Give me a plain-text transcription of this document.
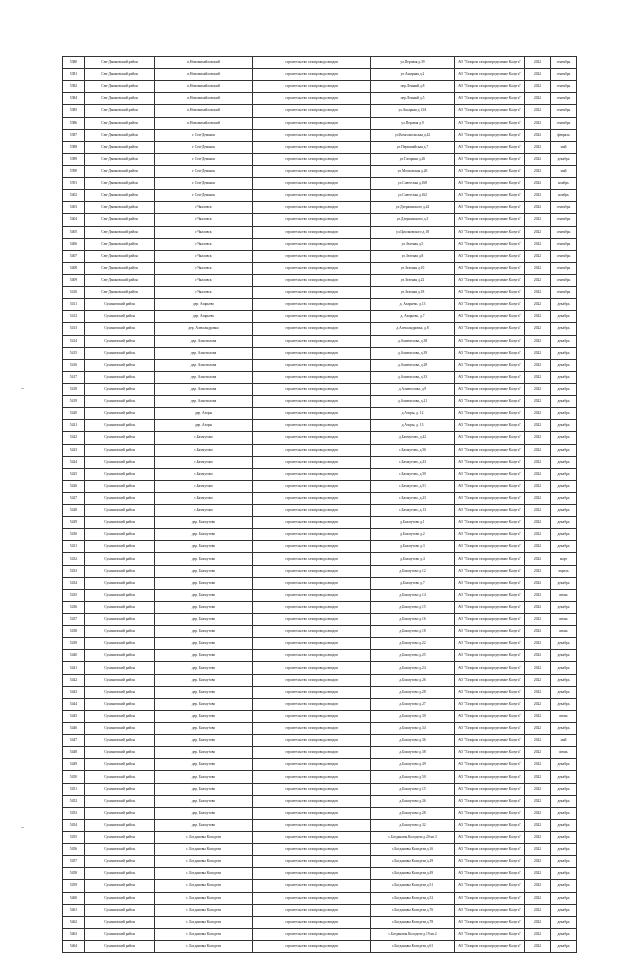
5380	Сеи-Дымковский район	п.Новомихайловский	строительство газопровода вводов	ул.Перовая д.39	АО "Газпром газораспределение Калуга"	2022	сентябрь
5381	Сеи-Дымковский район	п.Новомихайловский	строительство газопровода вводов	ул.Ашарная д.2	АО "Газпром газораспределение Калуга"	2022	сентябрь
5382	Сеи-Дымковский район	п.Новомихайловский	строительство газопровода вводов	пер.Ленный д.8	АО "Газпром газораспределение Калуга"	2022	сентябрь
5384	Сеи-Дымковский район	п.Новомихайловский	строительство газопровода вводов	пер.Ленный д.5	АО "Газпром газораспределение Калуга"	2022	сентябрь
5385	Сеи-Дымковский район	п.Новомихайловский	строительство газопровода вводов	ул.Ашарная д.13А	АО "Газпром газораспределение Калуга"	2022	сентябрь
5386	Сеи-Дымковский район	п.Новомихайловский	строительство газопровода вводов	ул.Перовая д.9	АО "Газпром газораспределение Калуга"	2022	сентябрь
5387	Сеи-Дымковский район	г. Сеи-Демянск	строительство газопровода вводов	ул.Комсомольская д.42	АО "Газпром газораспределение Калуга"	2022	февраль
5388	Сеи-Дымковский район	г. Сеи-Демянск	строительство газопровода вводов	ул.Первомайская д.7	АО "Газпром газораспределение Калуга"	2022	май
5389	Сеи-Дымковский район	г. Сеи-Демянск	строительство газопровода вводов	ул.Гагарина д.26	АО "Газпром газораспределение Калуга"	2022	декабрь
5390	Сеи-Дымковский район	г. Сеи-Демянск	строительство газопровода вводов	ул.Московская д.26	АО "Газпром газораспределение Калуга"	2022	май
5391	Сеи-Дымковский район	г. Сеи-Демянск	строительство газопровода вводов	ул.Советская д.168	АО "Газпром газораспределение Калуга"	2022	ноябрь
5402	Сеи-Дымковский район	г. Сеи-Демянск	строительство газопровода вводов	ул.Советская д.162	АО "Газпром газораспределение Калуга"	2022	ноябрь
5403	Сеи-Дымковский район	г.Чкаловск	строительство газопровода вводов	ул.Дзержинского д.24	АО "Газпром газораспределение Калуга"	2022	сентябрь
5404	Сеи-Дымковский район	г.Чкаловск	строительство газопровода вводов	ул.Дзержинского д.3	АО "Газпром газораспределение Калуга"	2022	сентябрь
5405	Сеи-Дымковский район	г.Чкаловск	строительство газопровода вводов	ул.Циолковского д.18	АО "Газпром газораспределение Калуга"	2022	сентябрь
5406	Сеи-Дымковский район	г.Чкаловск	строительство газопровода вводов	ул.Зеленая д.5	АО "Газпром газораспределение Калуга"	2022	сентябрь
5407	Сеи-Дымковский район	г.Чкаловск	строительство газопровода вводов	ул.Зеленая д.8	АО "Газпром газораспределение Калуга"	2022	сентябрь
5408	Сеи-Дымковский район	г.Чкаловск	строительство газопровода вводов	ул.Зеленая д.10	АО "Газпром газораспределение Калуга"	2022	сентябрь
5409	Сеи-Дымковский район	г.Чкаловск	строительство газопровода вводов	ул.Зеленая д.22	АО "Газпром газораспределение Калуга"	2022	сентябрь
5410	Сеи-Дымковский район	г.Чкаловск	строительство газопровода вводов	ул.Зеленая д.18	АО "Газпром газораспределение Калуга"	2022	сентябрь
5411	Сухиничский район	дер. Азарьево	строительство газопровода вводов	д. Азарьево, д.13	АО "Газпром газораспределение Калуга"	2022	декабрь
5412	Сухиничский район	дер. Азарьево	строительство газопровода вводов	д. Азарьево, д.7	АО "Газпром газораспределение Калуга"	2022	декабрь
5413	Сухиничский район	дер. Александровка	строительство газопровода вводов	д.Александровка, д.8	АО "Газпром газораспределение Калуга"	2022	декабрь
5414	Сухиничский район	дер. Алнеполова	строительство газопровода вводов	д.Алнеполова, д.38	АО "Газпром газораспределение Калуга"	2022	декабрь
5415	Сухиничский район	дер. Алнеполова	строительство газопровода вводов	д.Алнеполова, д.39	АО "Газпром газораспределение Калуга"	2022	декабрь
5416	Сухиничский район	дер. Алнеполова	строительство газопровода вводов	д.Алнеполова, д.28	АО "Газпром газораспределение Калуга"	2022	декабрь
5417	Сухиничский район	дер. Алнеполова	строительство газопровода вводов	д.Алнеполова, д.33	АО "Газпром газораспределение Калуга"	2022	декабрь
5418	Сухиничский район	дер. Алнеполова	строительство газопровода вводов	д.Алнеполова, д.9	АО "Газпром газораспределение Калуга"	2022	декабрь
5419	Сухиничский район	дер. Алнеполова	строительство газопровода вводов	д.Алнеполова, д.21	АО "Газпром газораспределение Калуга"	2022	декабрь
5420	Сухиничский район	дер. Азоры	строительство газопровода вводов	д.Азоры, д. 12	АО "Газпром газораспределение Калуга"	2022	декабрь
5421	Сухиничский район	дер. Азоры	строительство газопровода вводов	д.Азоры, д. 13	АО "Газпром газораспределение Калуга"	2022	декабрь
5422	Сухиничский район	с.Бахмутово	строительство газопровода вводов	д.Бахмутово, д.42	АО "Газпром газораспределение Калуга"	2022	декабрь
5423	Сухиничский район	с.Бахмутово	строительство газопровода вводов	с.Бахмутово, д.56	АО "Газпром газораспределение Калуга"	2022	декабрь
5424	Сухиничский район	с.Бахмутово	строительство газопровода вводов	с.Бахмутово, д.43	АО "Газпром газораспределение Калуга"	2022	декабрь
5425	Сухиничский район	с.Бахмутово	строительство газопровода вводов	с.Бахмутово, д.50	АО "Газпром газораспределение Калуга"	2022	декабрь
5426	Сухиничский район	с.Бахмутово	строительство газопровода вводов	с.Бахмутово, д.51	АО "Газпром газораспределение Калуга"	2022	декабрь
5427	Сухиничский район	с.Бахмутово	строительство газопровода вводов	с.Бахмутово, д.23	АО "Газпром газораспределение Калуга"	2022	декабрь
5428	Сухиничский район	с.Бахмутово	строительство газопровода вводов	с.Бахмутово, д.13	АО "Газпром газораспределение Калуга"	2022	декабрь
5429	Сухиничский район	дер. Бахмутово	строительство газопровода вводов	д.Бахмутово д.1	АО "Газпром газораспределение Калуга"	2022	декабрь
5430	Сухиничский район	дер. Бахмутово	строительство газопровода вводов	д.Бахмутово д.2	АО "Газпром газораспределение Калуга"	2022	декабрь
5431	Сухиничский район	дер. Бахмутово	строительство газопровода вводов	д.Бахмутово д.3	АО "Газпром газораспределение Калуга"	2022	декабрь
5432	Сухиничский район	дер. Бахмутово	строительство газопровода вводов	д.Бахмутово д.4	АО "Газпром газораспределение Калуга"	2022	март
5433	Сухиничский район	дер. Бахмутово	строительство газопровода вводов	д.Бахмутово д.12	АО "Газпром газораспределение Калуга"	2022	апрель
5434	Сухиничский район	дер. Бахмутово	строительство газопровода вводов	д.Бахмутово д.7	АО "Газпром газораспределение Калуга"	2022	декабрь
5435	Сухиничский район	дер. Бахмутово	строительство газопровода вводов	д.Бахмутово д.14	АО "Газпром газораспределение Калуга"	2022	июнь
5436	Сухиничский район	дер. Бахмутово	строительство газопровода вводов	д.Бахмутово д.15	АО "Газпром газораспределение Калуга"	2022	декабрь
5437	Сухиничский район	дер. Бахмутово	строительство газопровода вводов	д.Бахмутово д.16	АО "Газпром газораспределение Калуга"	2022	июнь
5438	Сухиничский район	дер. Бахмутово	строительство газопровода вводов	д.Бахмутово д.18	АО "Газпром газораспределение Калуга"	2022	июнь
5439	Сухиничский район	дер. Бахмутово	строительство газопровода вводов	д.Бахмутово д.22	АО "Газпром газораспределение Калуга"	2022	декабрь
5440	Сухиничский район	дер. Бахмутово	строительство газопровода вводов	д.Бахмутово д.25	АО "Газпром газораспределение Калуга"	2022	декабрь
5441	Сухиничский район	дер. Бахмутово	строительство газопровода вводов	д.Бахмутово д.24	АО "Газпром газораспределение Калуга"	2022	декабрь
5442	Сухиничский район	дер. Бахмутово	строительство газопровода вводов	д.Бахмутово д.26	АО "Газпром газораспределение Калуга"	2022	декабрь
5443	Сухиничский район	дер. Бахмутово	строительство газопровода вводов	д.Бахмутово д.28	АО "Газпром газораспределение Калуга"	2022	декабрь
5444	Сухиничский район	дер. Бахмутово	строительство газопровода вводов	д.Бахмутово д.27	АО "Газпром газораспределение Калуга"	2022	декабрь
5445	Сухиничский район	дер. Бахмутово	строительство газопровода вводов	д.Бахмутово д.30	АО "Газпром газораспределение Калуга"	2022	июнь
5446	Сухиничский район	дер. Бахмутово	строительство газопровода вводов	д.Бахмутово д.34	АО "Газпром газораспределение Калуга"	2022	декабрь
5447	Сухиничский район	дер. Бахмутово	строительство газопровода вводов	д.Бахмутово д.36	АО "Газпром газораспределение Калуга"	2022	май
5448	Сухиничский район	дер. Бахмутово	строительство газопровода вводов	д.Бахмутово д.38	АО "Газпром газораспределение Калуга"	2022	июнь
5449	Сухиничский район	дер. Бахмутово	строительство газопровода вводов	д.Бахмутово д.49	АО "Газпром газораспределение Калуга"	2022	декабрь
5450	Сухиничский район	дер. Бахмутово	строительство газопровода вводов	д.Бахмутово д.50	АО "Газпром газораспределение Калуга"	2022	декабрь
5451	Сухиничский район	дер. Бахмутово	строительство газопровода вводов	д.Бахмутово д.15	АО "Газпром газораспределение Калуга"	2022	декабрь
5452	Сухиничский район	дер. Бахмутово	строительство газопровода вводов	д.Бахмутово д.26	АО "Газпром газораспределение Калуга"	2022	декабрь
5453	Сухиничский район	дер. Бахмутово	строительство газопровода вводов	д.Бахмутово д.28	АО "Газпром газораспределение Калуга"	2022	декабрь
5454	Сухиничский район	дер. Бахмутово	строительство газопровода вводов	д.Бахмутово д.32	АО "Газпром газораспределение Калуга"	2022	декабрь
5455	Сухиничский район	с. Богдановы Колодези	строительство газопровода вводов	с.Богдановы Колодези д.20 кв.3	АО "Газпром газораспределение Калуга"	2022	декабрь
5456	Сухиничский район	с. Богдановы Колодези	строительство газопровода вводов	с.Богдановы Колодези д.16	АО "Газпром газораспределение Калуга"	2022	декабрь
5457	Сухиничский район	с. Богдановы Колодези	строительство газопровода вводов	с.Богдановы Колодези д.29	АО "Газпром газораспределение Калуга"	2022	декабрь
5458	Сухиничский район	с. Богдановы Колодези	строительство газопровода вводов	с.Богдановы Колодези д.49	АО "Газпром газораспределение Калуга"	2022	декабрь
5459	Сухиничский район	с. Богдановы Колодези	строительство газопровода вводов	с.Богдановы Колодези д.51	АО "Газпром газораспределение Калуга"	2022	декабрь
5460	Сухиничский район	с. Богдановы Колодези	строительство газопровода вводов	с.Богдановы Колодези д.52	АО "Газпром газораспределение Калуга"	2022	декабрь
5461	Сухиничский район	с. Богдановы Колодези	строительство газопровода вводов	с.Богдановы Колодези д.76	АО "Газпром газораспределение Калуга"	2022	декабрь
5462	Сухиничский район	с. Богдановы Колодези	строительство газопровода вводов	с.Богдановы Колодези д.78	АО "Газпром газораспределение Калуга"	2022	декабрь
5463	Сухиничский район	с. Богдановы Колодези	строительство газопровода вводов	с.Богдановы Колодези д.19 кв.2	АО "Газпром газораспределение Калуга"	2022	декабрь
5464	Сухиничский район	с. Богдановы Колодези	строительство газопровода вводов	с.Богдановы Колодези д.61	АО "Газпром газораспределение Калуга"	2022	декабрь
